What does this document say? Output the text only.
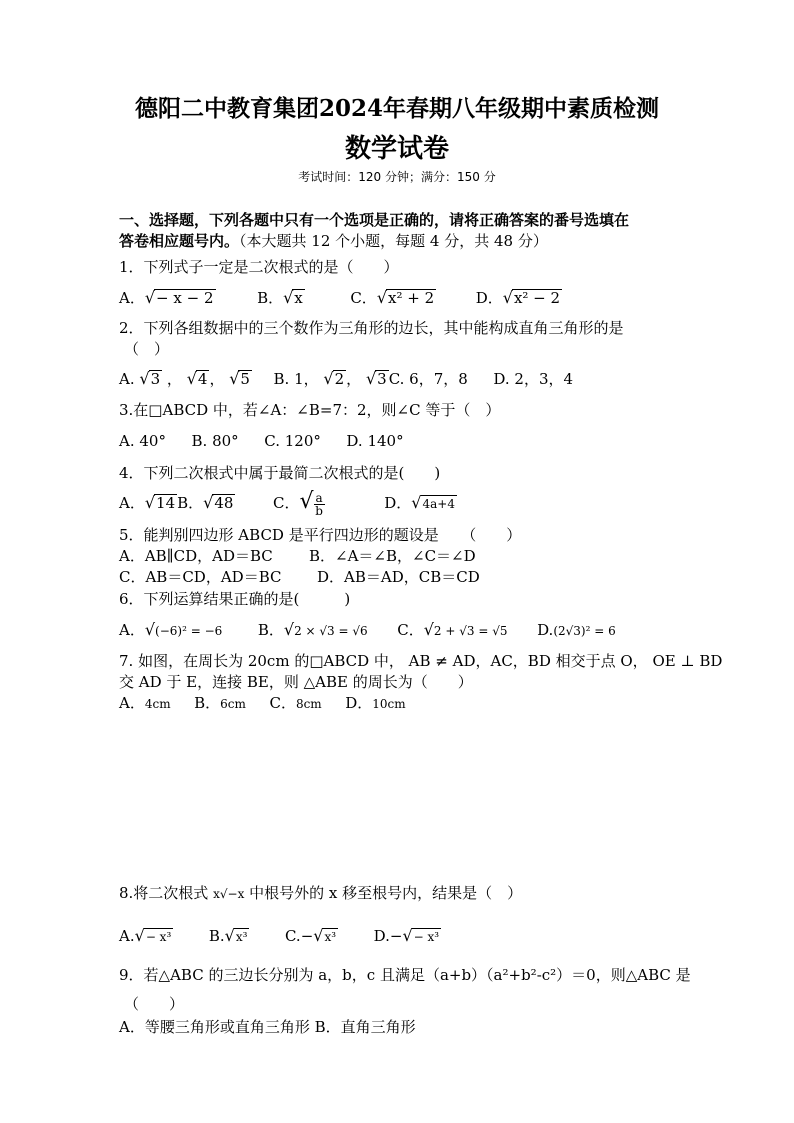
德阳二中教育集团2024年春期八年级期中素质检测
数学试卷
考试时间：120 分钟；满分：150 分
一、选择题，下列各题中只有一个选项是正确的，请将正确答案的番号选填在
答卷相应题号内。（本大题共 12 个小题，每题 4 分，共 48 分）
1．下列式子一定是二次根式的是（　　）
A．√− x − 2	B．√x	C．√x² + 2	D．√x² − 2
2．下列各组数据中的三个数作为三角形的边长，其中能构成直角三角形的是
（　）
A. √3 ， √4 ， √5 B. 1， √2 ， √3 C. 6，7，8 D. 2，3，4
3.在□ABCD 中，若∠A：∠B=7：2，则∠C 等于（　）
A. 40° B. 80° C. 120° D. 140°
4．下列二次根式中属于最简二次根式的是(　　)
A．√14 B．√48	C．√ $\frac{a}{b}$	D．√4a+4
5．能判别四边形 ABCD 是平行四边形的题设是　　（　　）
A．AB∥CD，AD＝BC B．∠A＝∠B，∠C＝∠D
C．AB＝CD，AD＝BC D．AB＝AD，CB＝CD
6．下列运算结果正确的是(　　　)
A．√(−6)² = −6 B．√2 × √3 = √6 C．√2 + √3 = √5 D.(2√3)² = 6
7. 如图，在周长为 20cm 的□ABCD 中， AB ≠ AD，AC，BD 相交于点 O， OE ⊥ BD
交 AD 于 E，连接 BE，则 △ABE 的周长为（　　）
A．4cm B．6cm C．8cm D．10cm
8.将二次根式 x√−x 中根号外的 x 移至根号内，结果是（　）
A.√− x³	B.√x³	C.−√x³	D.−√− x³
9．若△ABC 的三边长分别为 a，b，c 且满足（a+b）（a²+b²-c²）＝0，则△ABC 是
（　　）
A．等腰三角形或直角三角形 B．直角三角形
